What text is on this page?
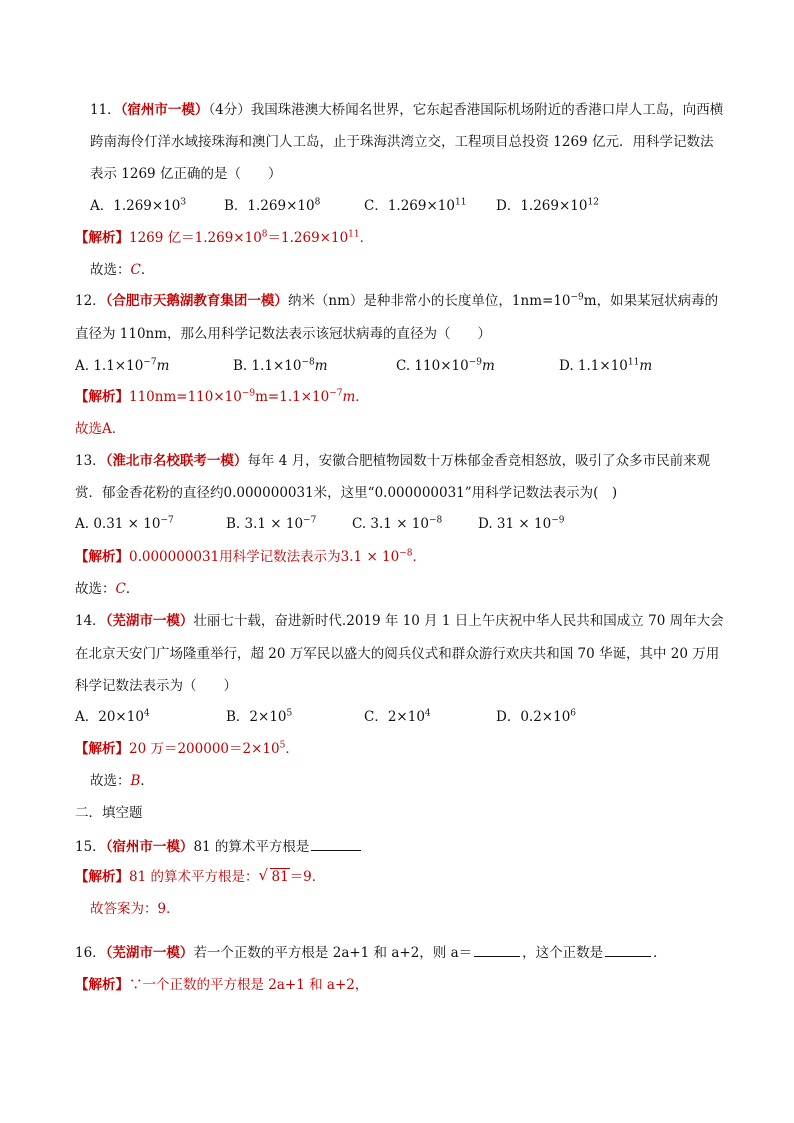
11．（宿州市一模）（4分）我国珠港澳大桥闻名世界，它东起香港国际机场附近的香港口岸人工岛，向西横
跨南海伶仃洋水域接珠海和澳门人工岛，止于珠海洪湾立交，工程项目总投资 1269 亿元．用科学记数法
表示 1269 亿正确的是（　　）
A．$1.269\times 10^3$	B．$1.269\times 10^8$	C．$1.269\times 10^{11}$ D．$1.269\times 10^{12}$
【解析】1269 亿$=1.269\times 10^8=1.269\times 10^{11}$．
故选：C．
12．（合肥市天鹅湖教育集团一模）纳米（nm）是种非常小的长度单位，$1nm=10^{-9}m$，如果某冠状病毒的
直径为 110nm，那么用科学记数法表示该冠状病毒的直径为（　　）
A. $1.1\times 10^{-7}m$	B. $1.1\times 10^{-8}m$	C. $110\times 10^{-9}m$	D. $1.1\times 10^{11}m$
【解析】$110nm=110\times 10^{-9}m=1.1\times 10^{-7}m$．
故选A．
13．（淮北市名校联考一模）每年 4 月，安徽合肥植物园数十万株郁金香竞相怒放，吸引了众多市民前来观
赏．郁金香花粉的直径约0.000000031米，这里“0.000000031”用科学记数法表示为(　)
A. $0.31 \times 10^{-7}$	B. $3.1 \times 10^{-7}$	C. $3.1 \times 10^{-8}$	D. $31 \times 10^{-9}$
【解析】0.000000031用科学记数法表示为$3.1 \times 10^{-8}$．
故选：C．
14．（芜湖市一模）壮丽七十载，奋进新时代.2019 年 10 月 1 日上午庆祝中华人民共和国成立 70 周年大会
在北京天安门广场隆重举行，超 20 万军民以盛大的阅兵仪式和群众游行欢庆共和国 70 华诞，其中 20 万用
科学记数法表示为（　　）
A．$20\times 10^4$	B．$2\times 10^5$	C．$2\times 10^4$	D．$0.2\times 10^6$
【解析】20 万$=200000=2\times 10^5$．
故选：B．
二．填空题
15．（宿州市一模）81 的算术平方根是
【解析】81 的算术平方根是： √ 81＝9．
故答案为：9．
16．（芜湖市一模）若一个正数的平方根是 2a+1 和 a+2，则 a＝	，这个正数是	．
【解析】∵一个正数的平方根是 2a+1 和 a+2，
